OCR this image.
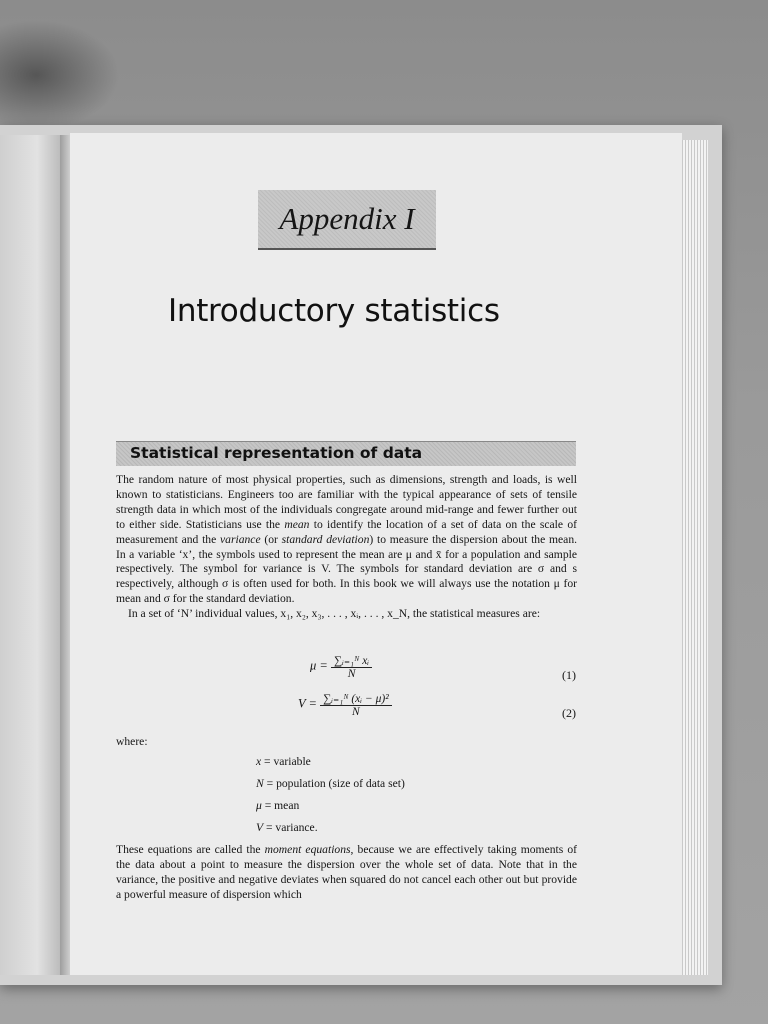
Appendix I
Introductory statistics
Statistical representation of data

The random nature of most physical properties, such as dimensions, strength and loads, is well known to statisticians. Engineers too are familiar with the typical appearance of sets of tensile strength data in which most of the individuals congregate around mid-range and fewer further out to either side. Statisticians use the mean to identify the location of a set of data on the scale of measurement and the variance (or standard deviation) to measure the dispersion about the mean. In a variable ‘x’, the symbols used to represent the mean are μ and x̄ for a population and sample respectively. The symbol for variance is V. The symbols for standard deviation are σ and s respectively, although σ is often used for both. In this book we will always use the notation μ for mean and σ for the standard deviation.

In a set of ‘N’ individual values, x₁, x₂, x₃, . . . , xᵢ, . . . , x_N, the statistical measures are:

$\mu = \frac{\text{∑ᵢ₌₁ᴺ xᵢ}}{N}$	(1)
$V = \frac{\text{∑ᵢ₌₁ᴺ (xᵢ − μ)²}}{N}$	(2)
where:
x = variable
N = population (size of data set)
μ = mean
V = variance.

These equations are called the moment equations, because we are effectively taking moments of the data about a point to measure the dispersion over the whole set of data. Note that in the variance, the positive and negative deviates when squared do not cancel each other out but provide a powerful measure of dispersion which
